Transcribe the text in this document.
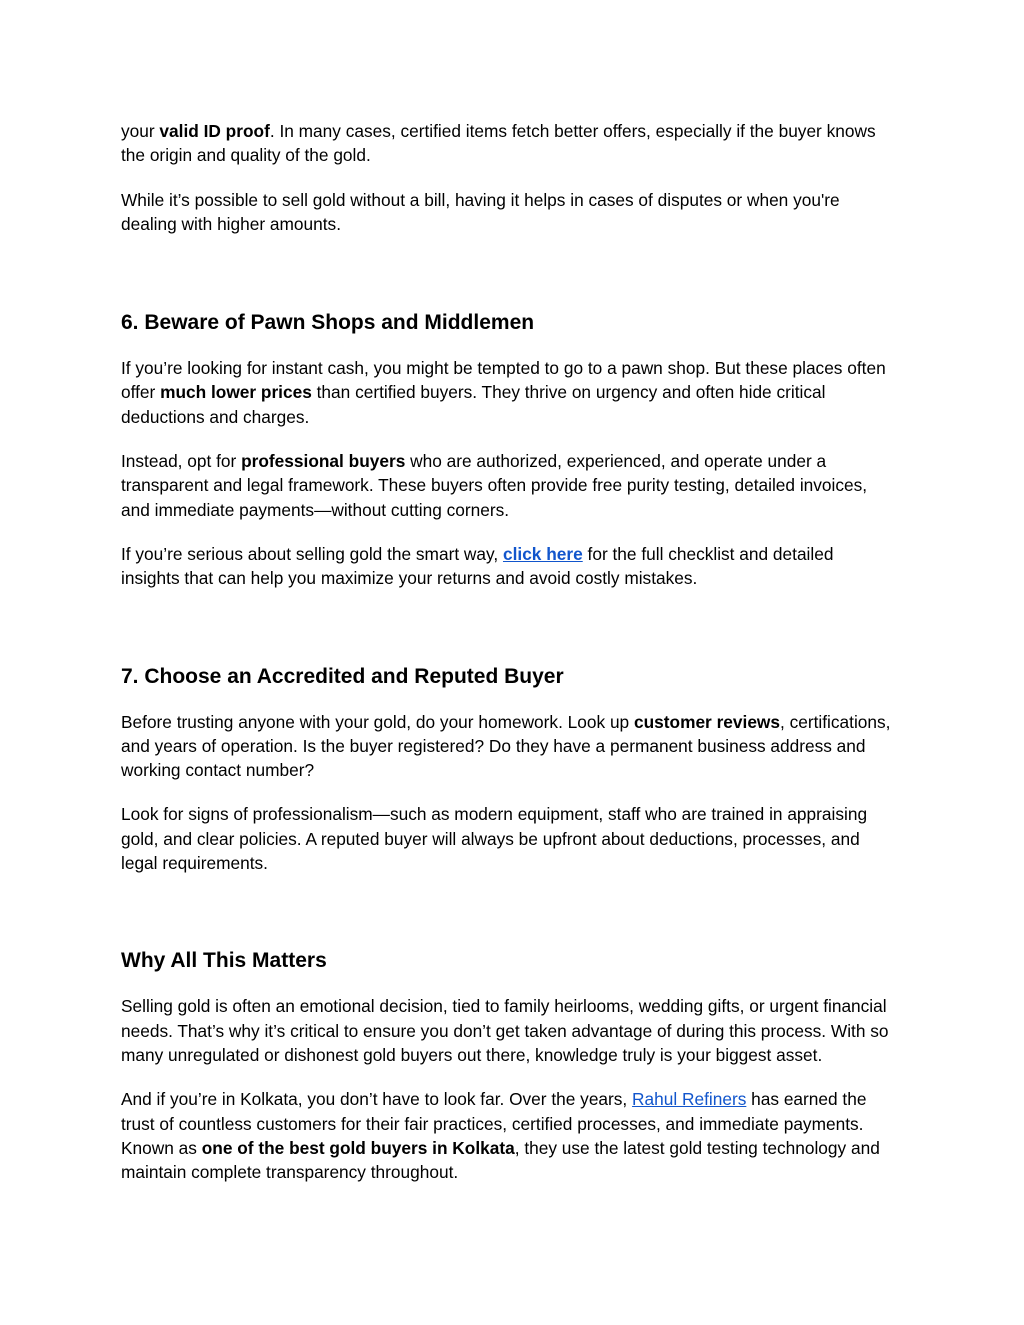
your valid ID proof. In many cases, certified items fetch better offers, especially if the buyer knows the origin and quality of the gold.

While it’s possible to sell gold without a bill, having it helps in cases of disputes or when you're dealing with higher amounts.

6. Beware of Pawn Shops and Middlemen

If you’re looking for instant cash, you might be tempted to go to a pawn shop. But these places often offer much lower prices than certified buyers. They thrive on urgency and often hide critical deductions and charges.

Instead, opt for professional buyers who are authorized, experienced, and operate under a transparent and legal framework. These buyers often provide free purity testing, detailed invoices, and immediate payments—without cutting corners.

If you’re serious about selling gold the smart way, click here for the full checklist and detailed insights that can help you maximize your returns and avoid costly mistakes.

7. Choose an Accredited and Reputed Buyer

Before trusting anyone with your gold, do your homework. Look up customer reviews, certifications, and years of operation. Is the buyer registered? Do they have a permanent business address and working contact number?

Look for signs of professionalism—such as modern equipment, staff who are trained in appraising gold, and clear policies. A reputed buyer will always be upfront about deductions, processes, and legal requirements.

Why All This Matters

Selling gold is often an emotional decision, tied to family heirlooms, wedding gifts, or urgent financial needs. That’s why it’s critical to ensure you don’t get taken advantage of during this process. With so many unregulated or dishonest gold buyers out there, knowledge truly is your biggest asset.

And if you’re in Kolkata, you don’t have to look far. Over the years, Rahul Refiners has earned the trust of countless customers for their fair practices, certified processes, and immediate payments. Known as one of the best gold buyers in Kolkata, they use the latest gold testing technology and maintain complete transparency throughout.
